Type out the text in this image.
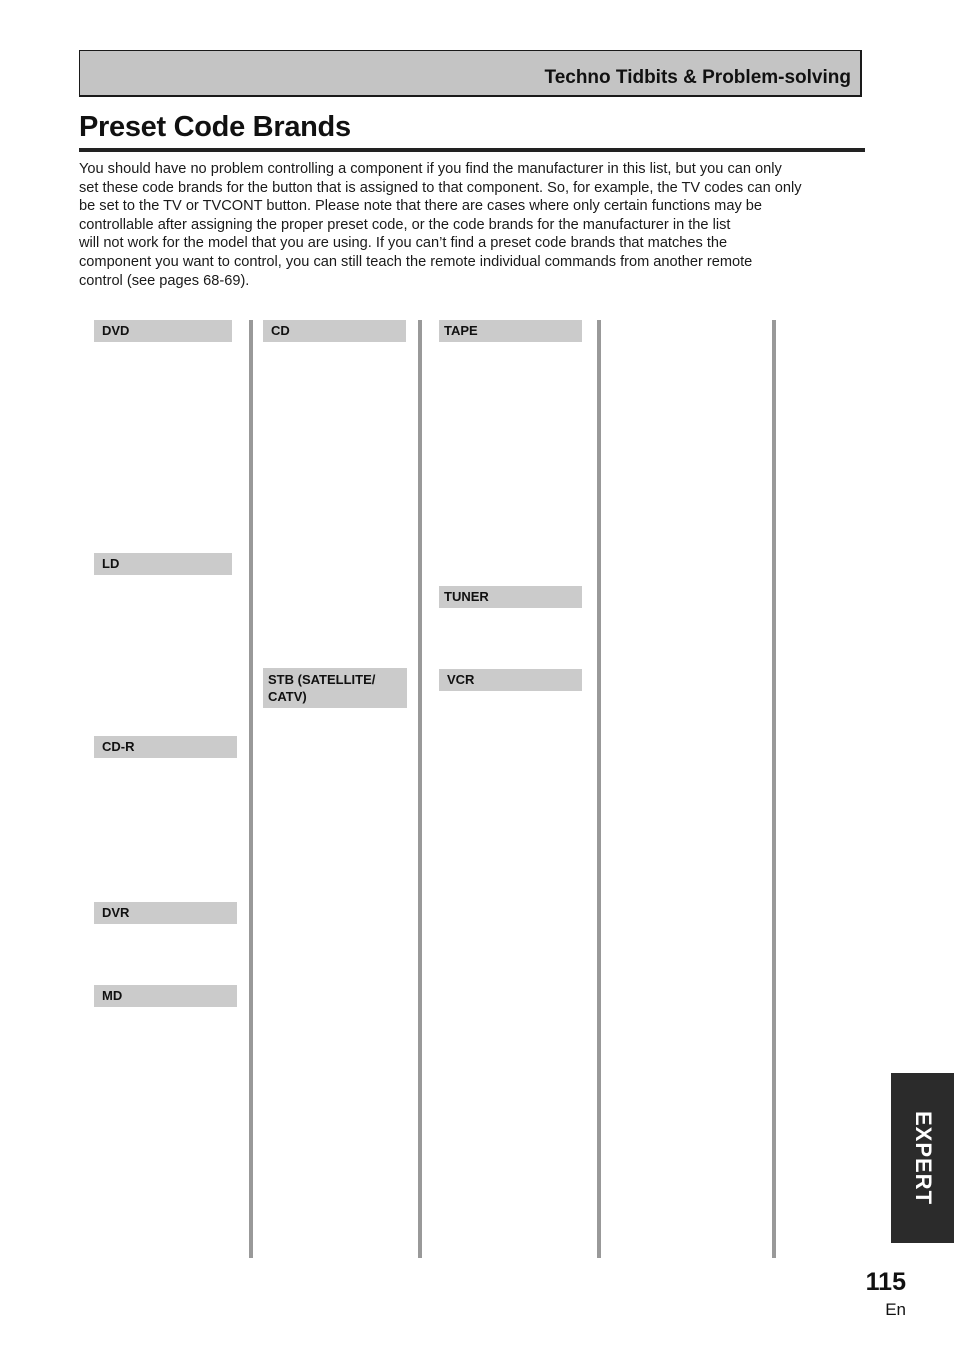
Techno Tidbits & Problem-solving
Preset Code Brands

You should have no problem controlling a component if you find the manufacturer in this list, but you can only
set these code brands for the button that is assigned to that component. So, for example, the TV codes can only
be set to the TV or TVCONT button. Please note that there are cases where only certain functions may be
controllable after assigning the proper preset code, or the code brands for the manufacturer in the list
will not work for the model that you are using. If you can’t find a preset code brands that matches the
component you want to control, you can still teach the remote individual commands from another remote
control (see pages 68-69).

DVD
LD
CD-R
DVR
MD
CD
STB (SATELLITE/
CATV)
TAPE
TUNER
VCR
EXPERT
115
En
